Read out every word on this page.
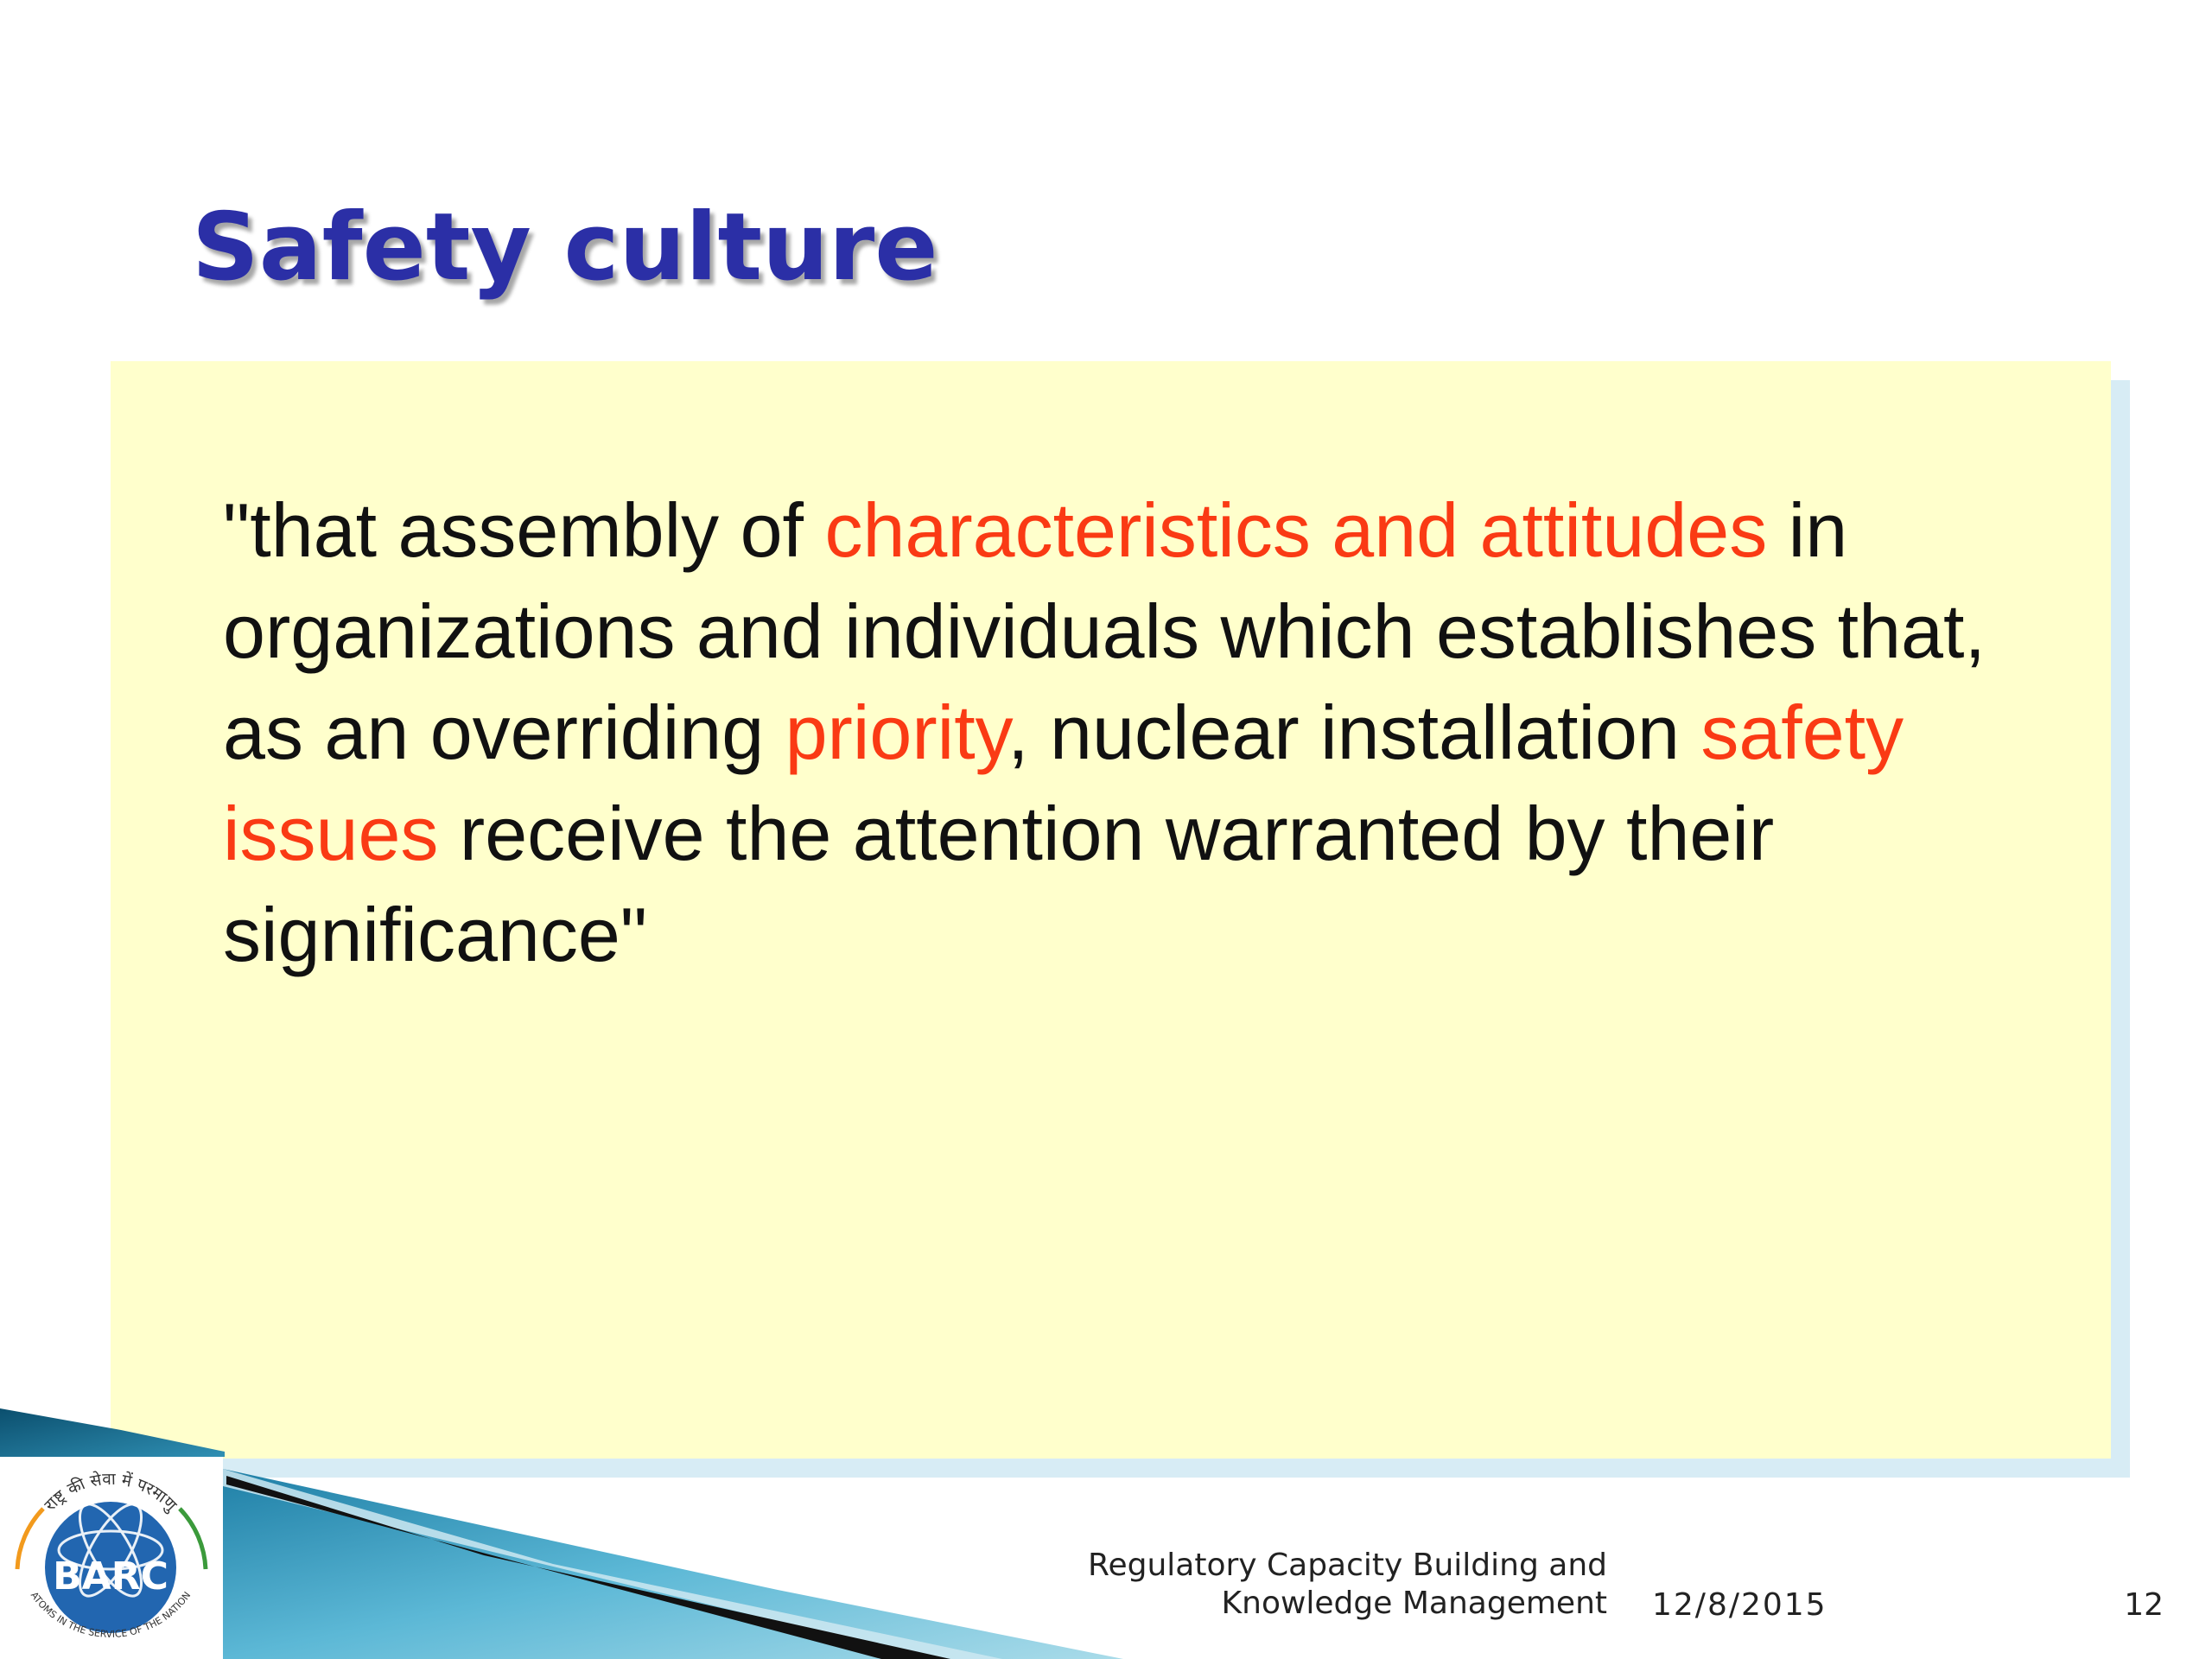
Safety culture

"that assembly of characteristics and attitudes in organizations and individuals which establishes that, as an overriding priority, nuclear installation safety issues receive the attention warranted by their significance"

BARC
राष्ट्र की सेवा में परमाणु
ATOMS IN THE SERVICE OF THE NATION
Regulatory Capacity Building and
Knowledge Management 12/8/2015	12
